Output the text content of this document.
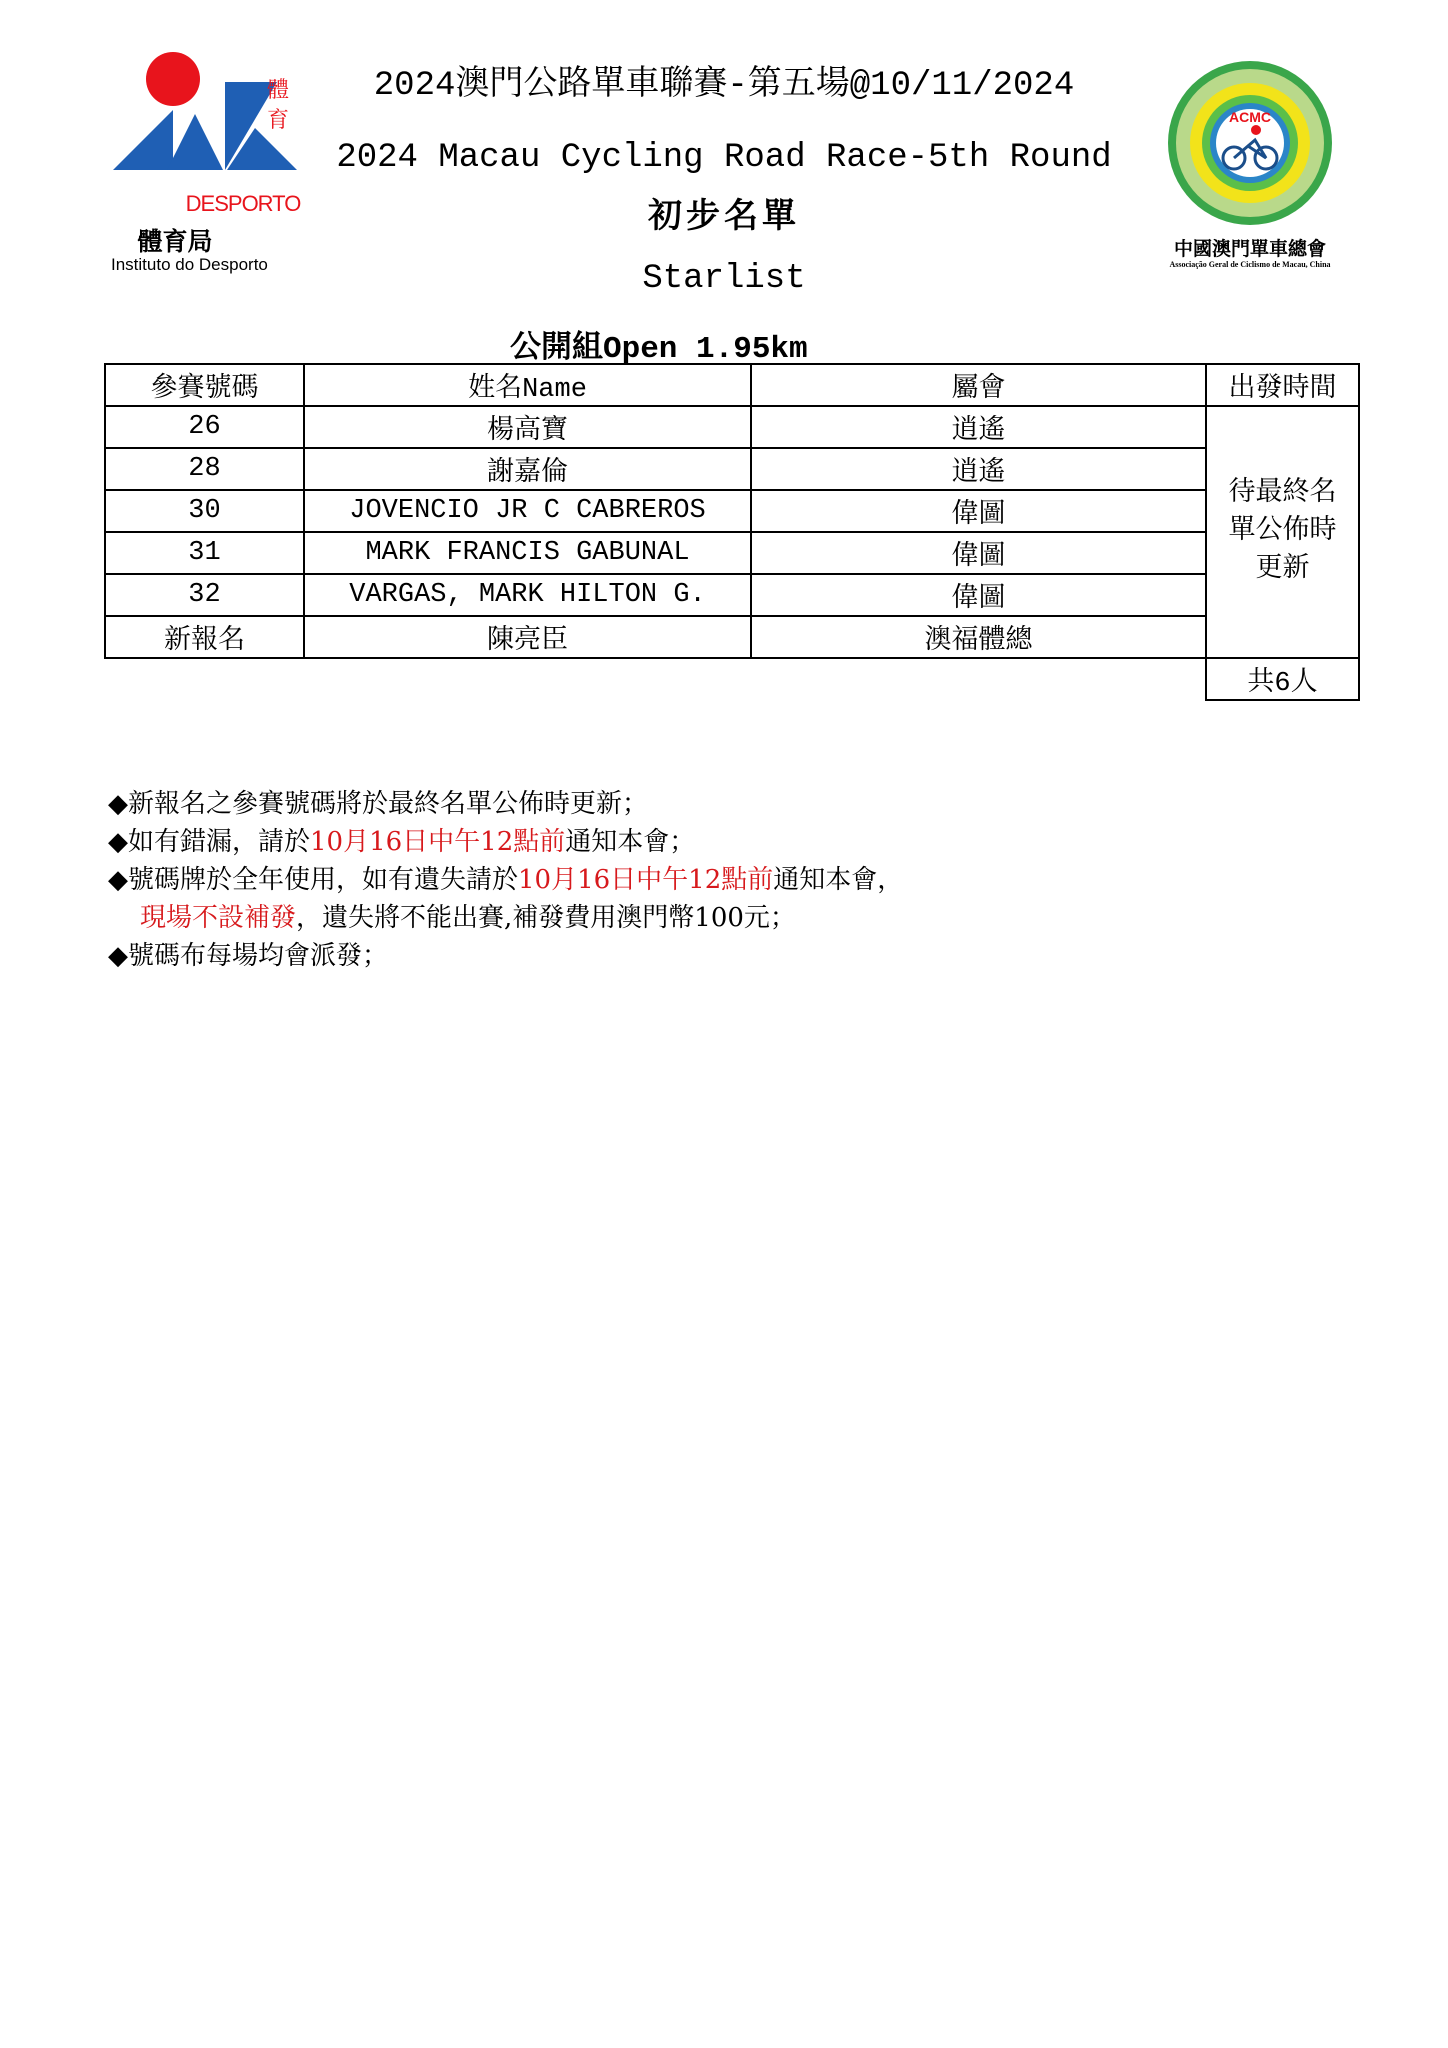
體
育
DESPORTO
體育局
Instituto do Desporto
2024澳門公路單車聯賽-第五場@10/11/2024
2024 Macau Cycling Road Race-5th Round
初步名單
Starlist
公開組Open 1.95km
ACMC
中國澳門單車總會
Associação Geral de Ciclismo de Macau, China
參賽號碼	姓名Name	屬會	出發時間
26	楊高寶	逍遙	待最終名
單公佈時
更新

28	謝嘉倫	逍遙	
30	JOVENCIO JR C CABREROS	偉圖	
31	MARK FRANCIS GABUNAL	偉圖	
32	VARGAS, MARK HILTON G.	偉圖	
新報名	陳亮臣	澳福體總	
			共6人
◆新報名之參賽號碼將於最終名單公佈時更新；
◆如有錯漏，請於10月16日中午12點前通知本會；
◆號碼牌於全年使用，如有遺失請於10月16日中午12點前通知本會，
現場不設補發，遺失將不能出賽,補發費用澳門幣100元；
◆號碼布每場均會派發；
